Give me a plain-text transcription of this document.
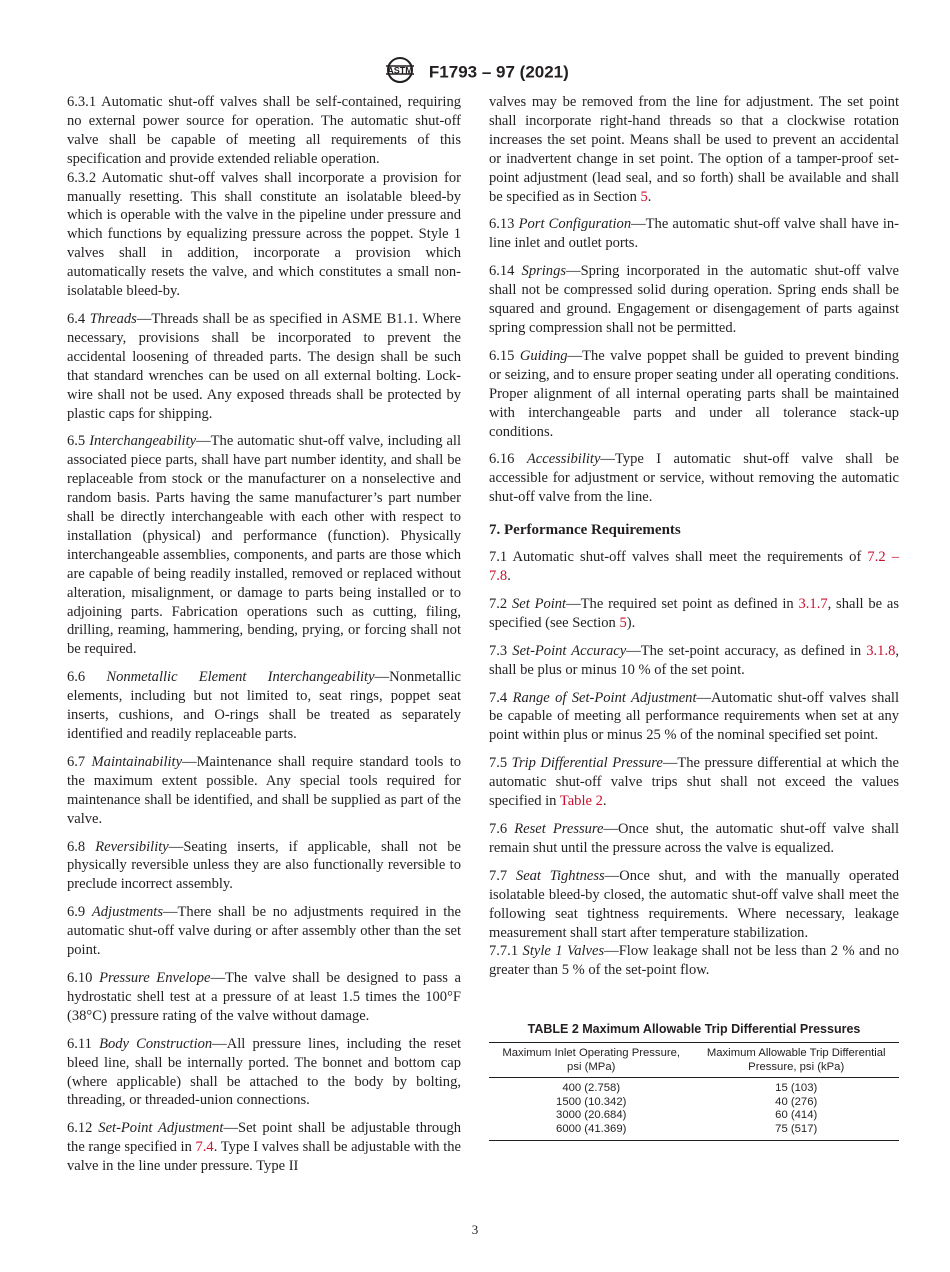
ASTM F1793 – 97 (2021)

6.3.1 Automatic shut-off valves shall be self-contained, requiring no external power source for operation. The automatic shut-off valve shall be capable of meeting all requirements of this specification and provide extended reliable operation.

6.3.2 Automatic shut-off valves shall incorporate a provision for manually resetting. This shall constitute an isolatable bleed-by which is operable with the valve in the pipeline under pressure and which functions by equalizing pressure across the poppet. Style 1 valves shall in addition, incorporate a provision which automatically resets the valve, and which constitutes a small non-isolatable bleed-by.

6.4 Threads—Threads shall be as specified in ASME B1.1. Where necessary, provisions shall be incorporated to prevent the accidental loosening of threaded parts. The design shall be such that standard wrenches can be used on all external bolting. Lock-wire shall not be used. Any exposed threads shall be protected by plastic caps for shipping.

6.5 Interchangeability—The automatic shut-off valve, including all associated piece parts, shall have part number identity, and shall be replaceable from stock or the manufacturer on a nonselective and random basis. Parts having the same manufacturer’s part number shall be directly interchangeable with each other with respect to installation (physical) and performance (function). Physically interchangeable assemblies, components, and parts are those which are capable of being readily installed, removed or replaced without alteration, misalignment, or damage to parts being installed or to adjoining parts. Fabrication operations such as cutting, filing, drilling, reaming, hammering, bending, prying, or forcing shall not be required.

6.6 Nonmetallic Element Interchangeability—Nonmetallic elements, including but not limited to, seat rings, poppet seat inserts, cushions, and O-rings shall be treated as separately identified and readily replaceable parts.

6.7 Maintainability—Maintenance shall require standard tools to the maximum extent possible. Any special tools required for maintenance shall be identified, and shall be supplied as part of the valve.

6.8 Reversibility—Seating inserts, if applicable, shall not be physically reversible unless they are also functionally reversible to preclude incorrect assembly.

6.9 Adjustments—There shall be no adjustments required in the automatic shut-off valve during or after assembly other than the set point.

6.10 Pressure Envelope—The valve shall be designed to pass a hydrostatic shell test at a pressure of at least 1.5 times the 100°F (38°C) pressure rating of the valve without damage.

6.11 Body Construction—All pressure lines, including the reset bleed line, shall be internally ported. The bonnet and bottom cap (where applicable) shall be attached to the body by bolting, threading, or threaded-union connections.

6.12 Set-Point Adjustment—Set point shall be adjustable through the range specified in 7.4. Type I valves shall be adjustable with the valve in the line under pressure. Type II

valves may be removed from the line for adjustment. The set point shall incorporate right-hand threads so that a clockwise rotation increases the set point. Means shall be used to prevent an accidental or inadvertent change in set point. The option of a tamper-proof set-point adjustment (lead seal, and so forth) shall be available and shall be specified as in Section 5.

6.13 Port Configuration—The automatic shut-off valve shall have in-line inlet and outlet ports.

6.14 Springs—Spring incorporated in the automatic shut-off valve shall not be compressed solid during operation. Spring ends shall be squared and ground. Engagement or disengagement of parts against spring compression shall not be permitted.

6.15 Guiding—The valve poppet shall be guided to prevent binding or seizing, and to ensure proper seating under all operating conditions. Proper alignment of all internal operating parts shall be maintained with interchangeable parts and under all tolerance stack-up conditions.

6.16 Accessibility—Type I automatic shut-off valve shall be accessible for adjustment or service, without removing the automatic shut-off valve from the line.

7. Performance Requirements

7.1 Automatic shut-off valves shall meet the requirements of 7.2 – 7.8.

7.2 Set Point—The required set point as defined in 3.1.7, shall be as specified (see Section 5).

7.3 Set-Point Accuracy—The set-point accuracy, as defined in 3.1.8, shall be plus or minus 10 % of the set point.

7.4 Range of Set-Point Adjustment—Automatic shut-off valves shall be capable of meeting all performance requirements when set at any point within plus or minus 25 % of the nominal specified set point.

7.5 Trip Differential Pressure—The pressure differential at which the automatic shut-off valve trips shut shall not exceed the values specified in Table 2.

7.6 Reset Pressure—Once shut, the automatic shut-off valve shall remain shut until the pressure across the valve is equalized.

7.7 Seat Tightness—Once shut, and with the manually operated isolatable bleed-by closed, the automatic shut-off valve shall meet the following seat tightness requirements. Where necessary, leakage measurement shall start after temperature stabilization.

7.7.1 Style 1 Valves—Flow leakage shall not be less than 2 % and no greater than 5 % of the set-point flow.

TABLE 2 Maximum Allowable Trip Differential Pressures
Maximum Inlet Operating Pressure,
psi (MPa)	Maximum Allowable Trip Differential
Pressure, psi (kPa)
400 (2.758)	15 (103)
1500 (10.342)	40 (276)
3000 (20.684)	60 (414)
6000 (41.369)	75 (517)
3
